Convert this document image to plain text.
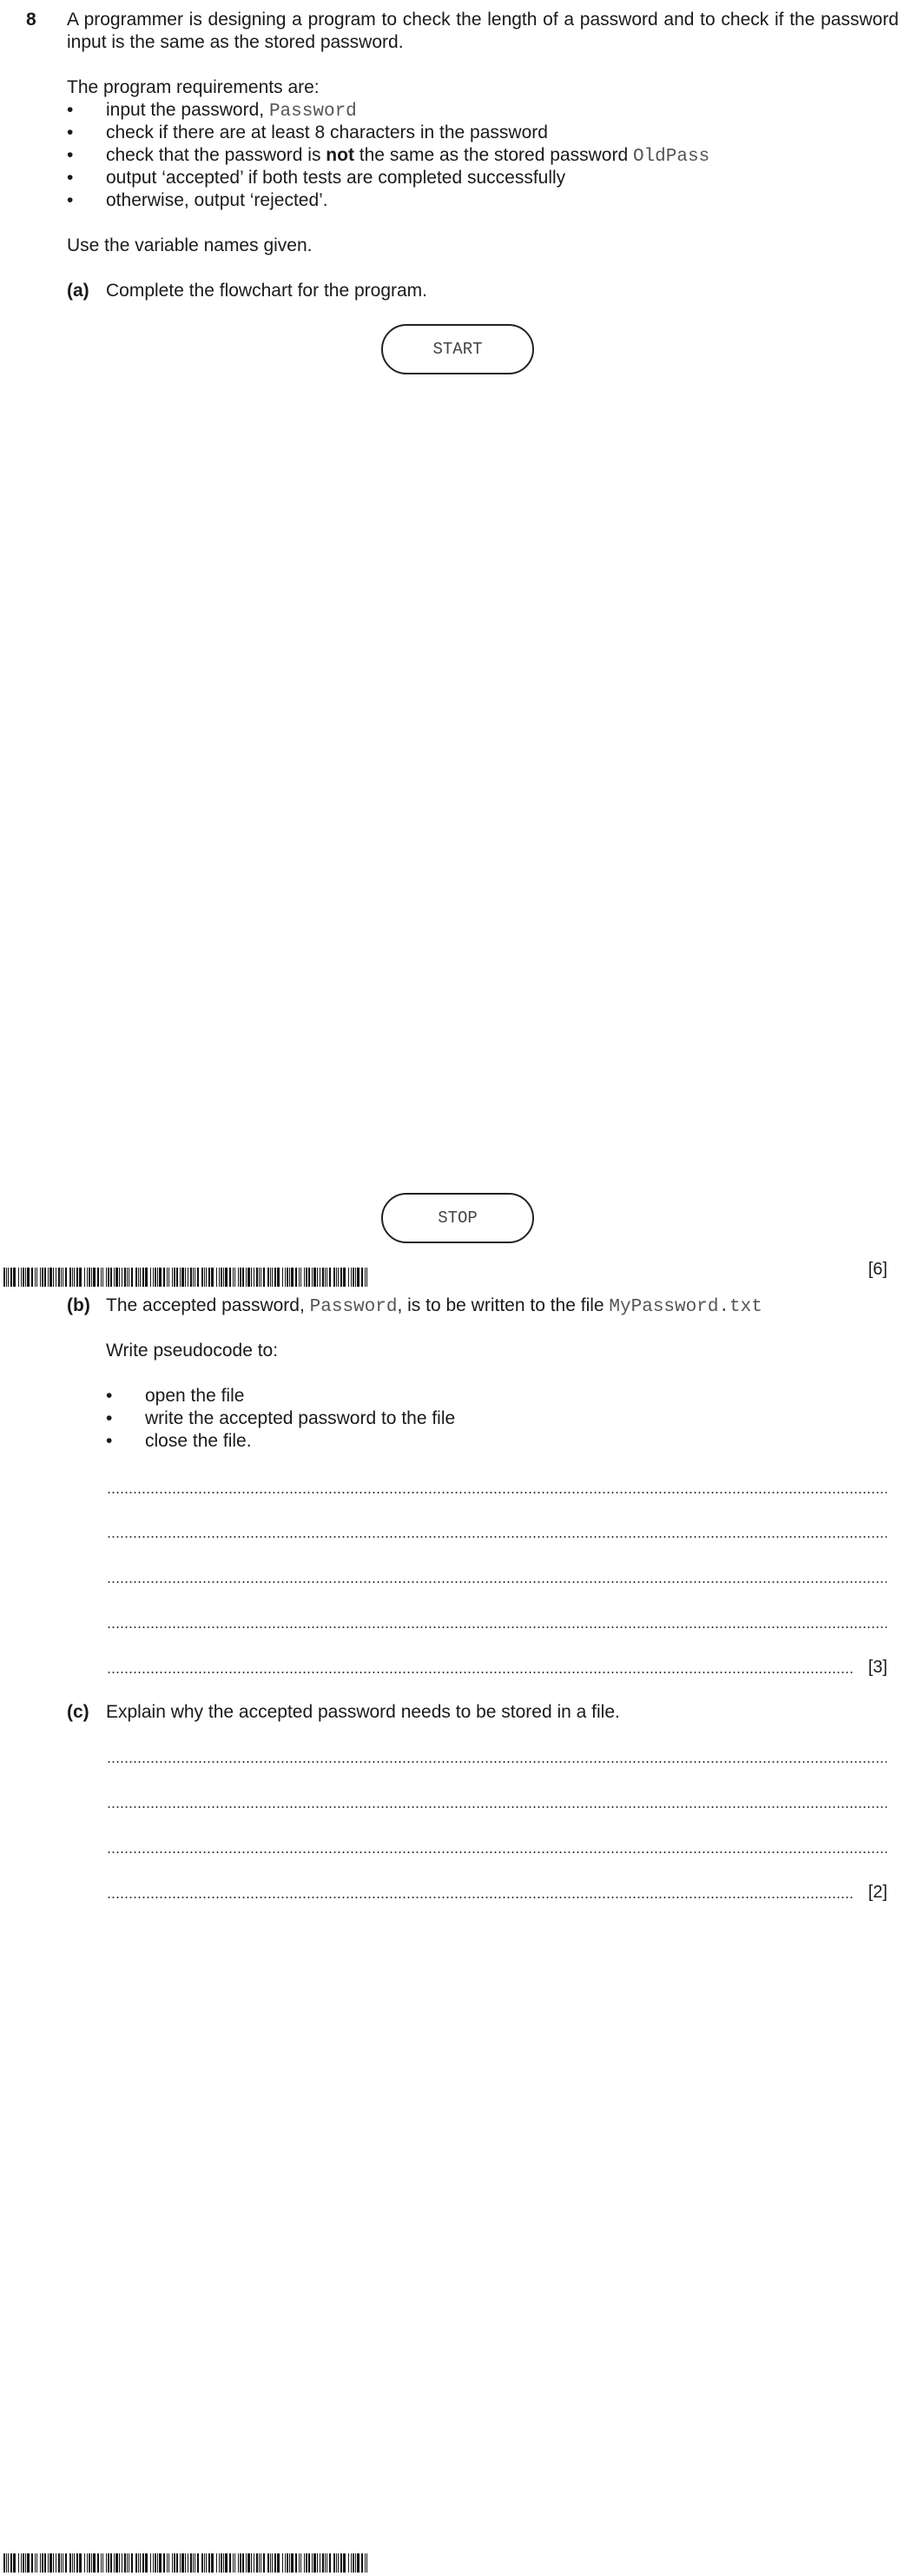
8 A programmer is designing a program to check the length of a password and to check if the password input is the same as the stored password.
The program requirements are:
• input the password, Password
• check if there are at least 8 characters in the password
• check that the password is not the same as the stored password OldPass
• output ‘accepted’ if both tests are completed successfully
• otherwise, output ‘rejected’.
Use the variable names given.
(a) Complete the flowchart for the program.
START
STOP
[6]
(b) The accepted password, Password, is to be written to the file MyPassword.txt
Write pseudocode to:
• open the file
• write the accepted password to the file
• close the file.
[3]
(c) Explain why the accepted password needs to be stored in a file.
[2]
